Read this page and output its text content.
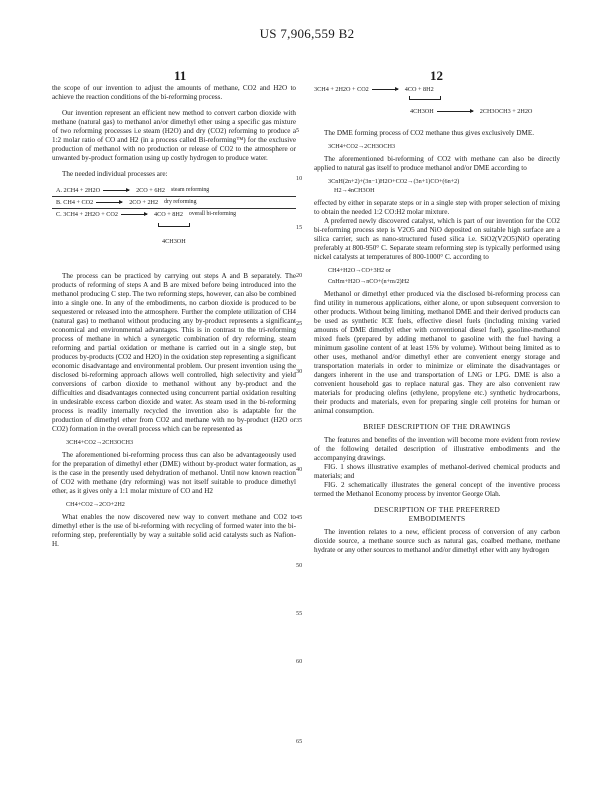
US 7,906,559 B2
11	12
5
10
15
20
25
30
35
40
45
50
55
60
65

the scope of our invention to adjust the amounts of methane, CO2 and H2O to achieve the reaction conditions of the bi-reforming process.

Our invention represent an efficient new method to convert carbon dioxide with methane (natural gas) to methanol an/or dimethyl ether using a specific gas mixture of two reforming processes i.e steam (H2O) and dry (CO2) reforming to produce a 1:2 molar ratio of CO and H2 (in a process called Bi-reforming™) for the exclusive production of methanol with no production or release of CO2 to the atmosphere or unwanted by-product formation using up costly hydrogen to produce water.

The needed individual processes are:

A. 2CH4 + 2H2O	2CO + 6H2 steam reforming
B. CH4 + CO2	2CO + 2H2 dry reforming
C. 3CH4 + 2H2O + CO2	4CO + 8H2 overall bi-reforming
4CH3OH

The process can be practiced by carrying out steps A and B separately. The products of reforming of steps A and B are mixed before being introduced into the methanol producing C step. The two reforming steps, however, can also be combined into a single one. In any of the embodiments, no carbon dioxide is produced to be sequestered or released into the atmosphere. Further the complete utilization of CH4 (natural gas) to methanol without producing any by-product represents a significant economical and environmental advantages. This is in contrast to the tri-reforming process of methane in which a synergetic combination of dry reforming, steam reforming and partial oxidation or methane is carried out in a single step, but produces by-products (CO2 and H2O) in the oxidation step representing a significant economic disadvantage and environmental problem. Our present invention using the disclosed bi-reforming approach allows well controlled, high selectivity and yield conversions of carbon dioxide to methanol without any by-product and the difficulties and disadvantages connected using concurrent partial oxidation resulting in undesirable excess carbon dioxide and water. As steam used in the bi-reforming process is readily internally recycled the invention also is adaptable for the production of dimethyl ether from CO2 and methane with no by-product (H2O or CO2) formation in the overall process which can be represented as

3CH4+CO2→2CH3OCH3

The aforementioned bi-reforming process thus can also be advantageously used for the preparation of dimethyl ether (DME) without by-product water formation, as is the case in the presently used dehydration of methanol. Until now known reaction of CO2 with methane (dry reforming) was not itself suitable to produce dimethyl ether, as it gives only a 1:1 molar mixture of CO and H2

CH4+CO2→2CO+2H2

What enables the now discovered new way to convert methane and CO2 to dimethyl ether is the use of bi-reforming with recycling of formed water into the bi-reforming step, preferentially by way a suitable solid acid catalysts such as Nafion-H.

3CH4 + 2H2O + CO2	4CO + 8H2
4CH3OH	2CH3OCH3 + 2H2O

The DME forming process of CO2 methane thus gives exclusively DME.

3CH4+CO2→2CH3OCH3

The aforementioned bi-reforming of CO2 with methane can also be directly applied to natural gas itself to produce methanol and/or DME according to

3CnH(2n+2)+(3n−1)H2O+CO2→(3n+1)CO+(6n+2)
H2→4nCH3OH

effected by either in separate steps or in a single step with proper selection of mixing to obtain the needed 1:2 CO:H2 molar mixture.

A preferred newly discovered catalyst, which is part of our invention for the CO2 bi-reforming process step is V2O5 and NiO deposited on suitable high surface are a silica carrier, such as nano-structured fused silica i.e. SiO2(V2O5)NiO operating preferably at 800-950° C. Separate steam reforming step is typically performed using nickel catalysts at temperatures of 800-1000° C. according to

CH4+H2O→CO+3H2 or
CnHm+H2O→nCO+(n+m/2)H2

Methanol or dimethyl ether produced via the disclosed bi-reforming process can find utility in numerous applications, either alone, or upon subsequent conversion to other products. Without being limiting, methanol DME and their derived products can be used as synthetic ICE fuels, effective diesel fuels (including mixing varied amounts of DME dimethyl ether with conventional diesel fuel), gasoline-methanol mixed fuels (prepared by adding methanol to gasoline with the fuel having a minimum gasoline content of at least 15% by volume). Without being limited as to other uses, methanol and/or dimethyl ether are convenient energy storage and transportation materials in order to minimize or eliminate the disadvantages or dangers inherent in the use and transportation of LNG or LPG. DME is also a convenient household gas to replace natural gas. They are also convenient raw materials for producing olefins (ethylene, propylene etc.) synthetic hydrocarbons, their products and materials, even for preparing single cell proteins for human or animal consumption.

BRIEF DESCRIPTION OF THE DRAWINGS

The features and benefits of the invention will become more evident from review of the following detailed description of illustrative embodiments and the accompanying drawings.

FIG. 1 shows illustrative examples of methanol-derived chemical products and materials; and

FIG. 2 schematically illustrates the general concept of the inventive process termed the Methanol Economy process by inventor George Olah.

DESCRIPTION OF THE PREFERRED
EMBODIMENTS

The invention relates to a new, efficient process of conversion of any carbon dioxide source, a methane source such as natural gas, coalbed methane, methane hydrate or any other sources to methanol and/or dimethyl ether with any hydrogen
